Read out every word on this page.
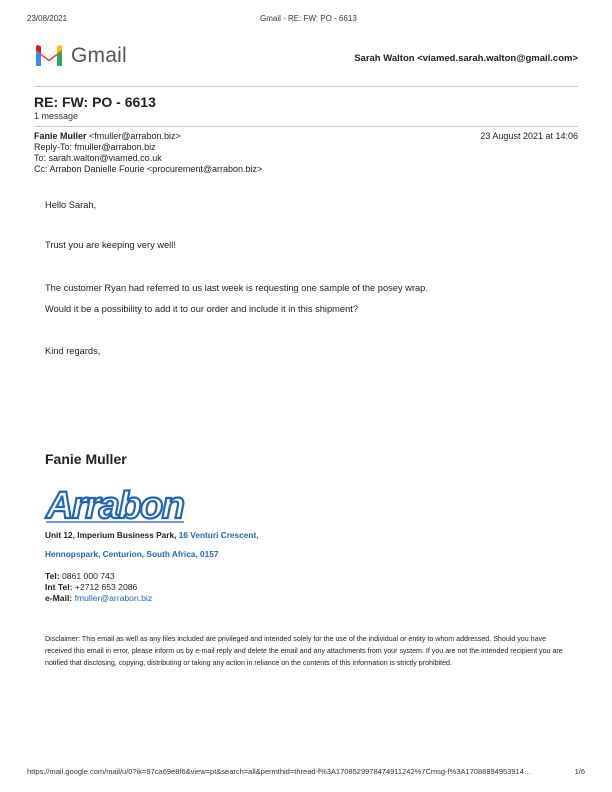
23/08/2021	Gmail - RE: FW: PO - 6613
Gmail	Sarah Walton <viamed.sarah.walton@gmail.com>
RE: FW: PO - 6613
1 message
Fanie Muller <fmuller@arrabon.biz>	23 August 2021 at 14:06
Reply-To: fmuller@arrabon.biz
To: sarah.walton@viamed.co.uk
Cc: Arrabon Danielle Fourie <procurement@arrabon.biz>
Hello Sarah,
Trust you are keeping very well!
The customer Ryan had referred to us last week is requesting one sample of the posey wrap.
Would it be a possibility to add it to our order and include it in this shipment?
Kind regards,
Fanie Muller
Arrabon
Unit 12, Imperium Business Park, 16 Venturi Crescent,
Hennopspark, Centurion, South Africa, 0157
Tel: 0861 000 743
Int Tel: +2712 653 2086
e-Mail: fmuller@arrabon.biz
Disclaimer: This email as well as any files included are privileged and intended solely for the use of the individual or entity to whom addressed. Should you have received this email in error, please inform us by e-mail reply and delete the email and any attachments from your system. If you are not the intended recipient you are notified that disclosing, copying, distributing or taking any action in reliance on the contents of this information is strictly prohibited.
https://mail.google.com/mail/u/0?ik=97ca69e8f6&view=pt&search=all&permthid=thread-f%3A1708529978474911242%7Cmsg-f%3A17088894953914…	1/6
